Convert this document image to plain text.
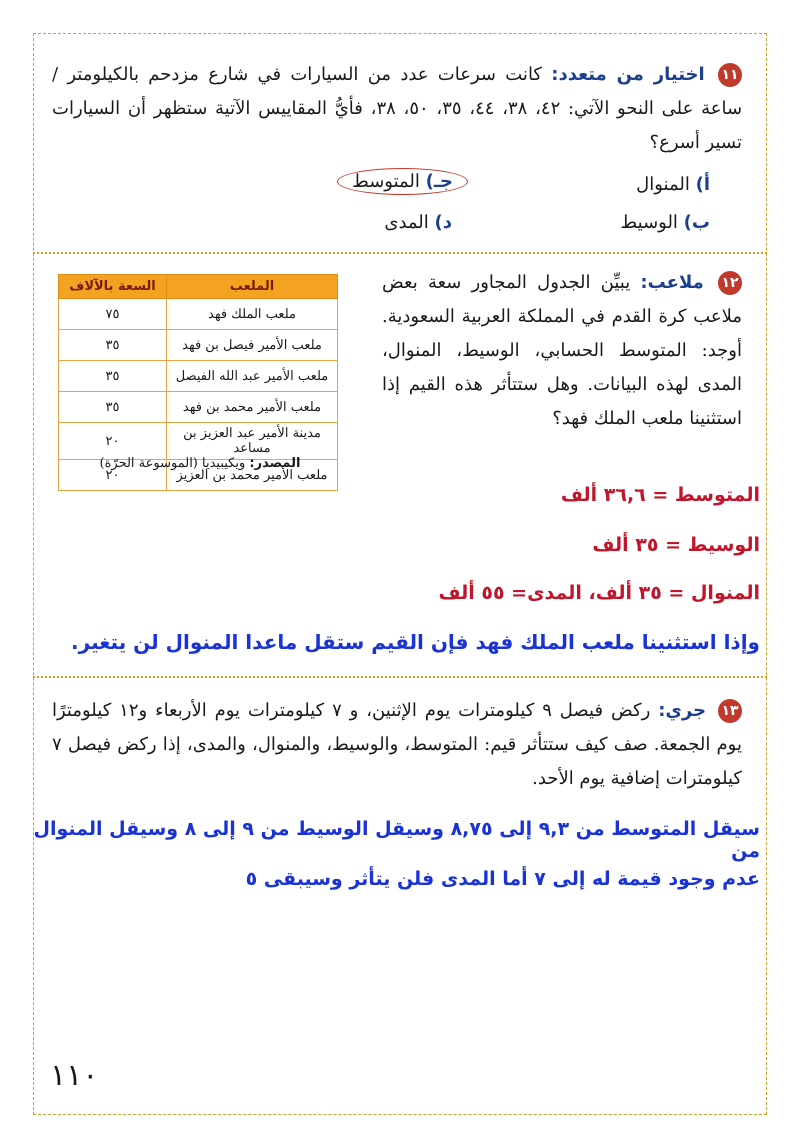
١١ اختيار من متعدد: كانت سرعات عدد من السيارات في شارع مزدحم بالكيلومتر / ساعة على النحو الآتي: ٤٢، ٣٨، ٤٤، ٣٥، ٥٠، ٣٨، فأيُّ المقاييس الآتية ستظهر أن السيارات تسير أسرع؟
أ) المنوال
جـ) المتوسط
ب) الوسيط
د) المدى
١٢ ملاعب: يبيِّن الجدول المجاور سعة بعض ملاعب كرة القدم في المملكة العربية السعودية. أوجد: المتوسط الحسابي، الوسيط، المنوال، المدى لهذه البيانات. وهل ستتأثر هذه القيم إذا استثنينا ملعب الملك فهد؟
الملعب	السعة بالآلاف
ملعب الملك فهد	٧٥
ملعب الأمير فيصل بن فهد	٣٥
ملعب الأمير عبد الله الفيصل	٣٥
ملعب الأمير محمد بن فهد	٣٥
مدينة الأمير عبد العزيز بن مساعد	٢٠
ملعب الأمير محمد بن العزيز	٢٠
المصدر: ويكيبيديا (الموسوعة الحرّة)
المتوسط = ٣٦,٦ ألف
الوسيط = ٣٥ ألف
المنوال = ٣٥ ألف، المدى= ٥٥ ألف
وإذا استثنينا ملعب الملك فهد فإن القيم ستقل ماعدا المنوال لن يتغير.
١٣ جري: ركض فيصل ٩ كيلومترات يوم الإثنين، و ٧ كيلومترات يوم الأربعاء و١٢ كيلومترًا يوم الجمعة. صف كيف ستتأثر قيم: المتوسط، والوسيط، والمنوال، والمدى، إذا ركض فيصل ٧ كيلومترات إضافية يوم الأحد.
سيقل المتوسط من ٩,٣ إلى ٨,٧٥ وسيقل الوسيط من ٩ إلى ٨ وسيقل المنوال من
عدم وجود قيمة له إلى ٧ أما المدى فلن يتأثر وسيبقى ٥
١١٠
